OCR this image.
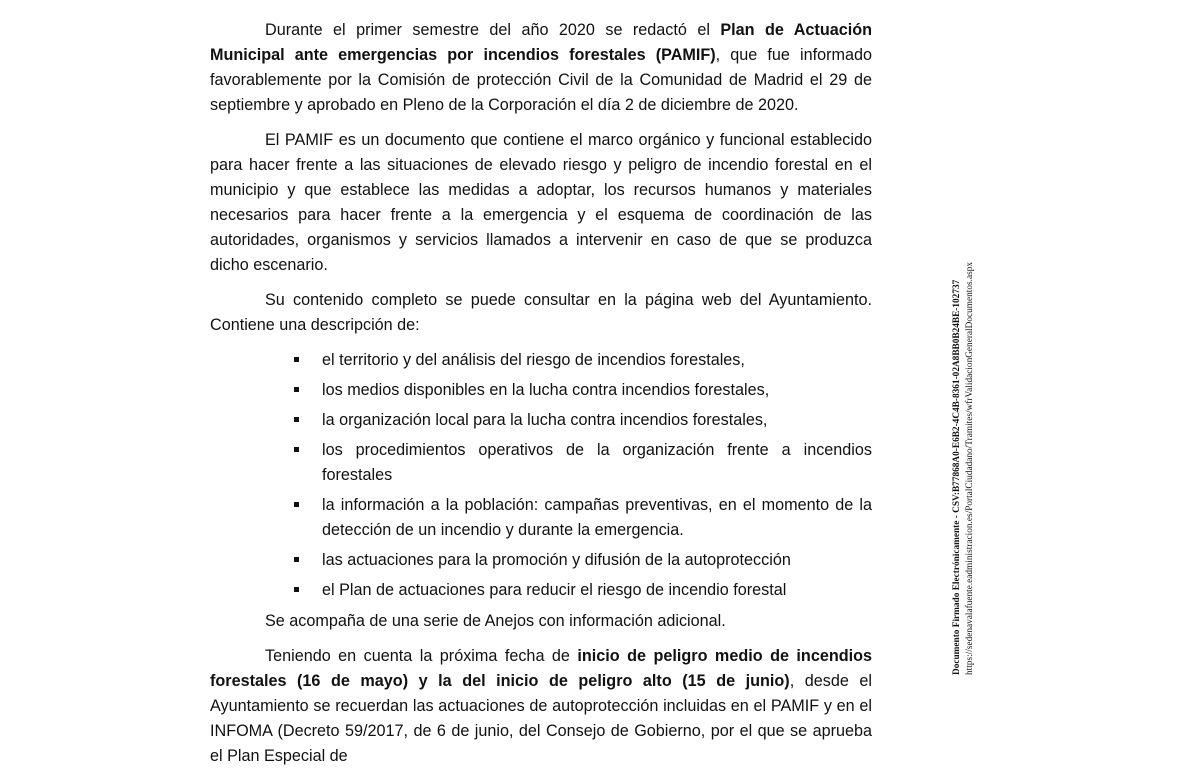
Durante el primer semestre del año 2020 se redactó el Plan de Actuación Municipal ante emergencias por incendios forestales (PAMIF), que fue informado favorablemente por la Comisión de protección Civil de la Comunidad de Madrid el 29 de septiembre y aprobado en Pleno de la Corporación el día 2 de diciembre de 2020.

El PAMIF es un documento que contiene el marco orgánico y funcional establecido para hacer frente a las situaciones de elevado riesgo y peligro de incendio forestal en el municipio y que establece las medidas a adoptar, los recursos humanos y materiales necesarios para hacer frente a la emergencia y el esquema de coordinación de las autoridades, organismos y servicios llamados a intervenir en caso de que se produzca dicho escenario.

Su contenido completo se puede consultar en la página web del Ayuntamiento. Contiene una descripción de:

el territorio y del análisis del riesgo de incendios forestales,
los medios disponibles en la lucha contra incendios forestales,
la organización local para la lucha contra incendios forestales,
los procedimientos operativos de la organización frente a incendios forestales
la información a la población: campañas preventivas, en el momento de la detección de un incendio y durante la emergencia.
las actuaciones para la promoción y difusión de la autoprotección
el Plan de actuaciones para reducir el riesgo de incendio forestal

Se acompaña de una serie de Anejos con información adicional.

Teniendo en cuenta la próxima fecha de inicio de peligro medio de incendios forestales (16 de mayo) y la del inicio de peligro alto (15 de junio), desde el Ayuntamiento se recuerdan las actuaciones de autoprotección incluidas en el PAMIF y en el INFOMA (Decreto 59/2017, de 6 de junio, del Consejo de Gobierno, por el que se aprueba el Plan Especial de

Documento Firmado Electrónicamente - CSV:B77868A0-E6B2-4C4B-8361-02A8BB0B24BE-102737 https://sedenavalafuente.eadministracion.es/PortalCiudadano/Tramites/wfrValidacionGeneralDocumentos.aspx
